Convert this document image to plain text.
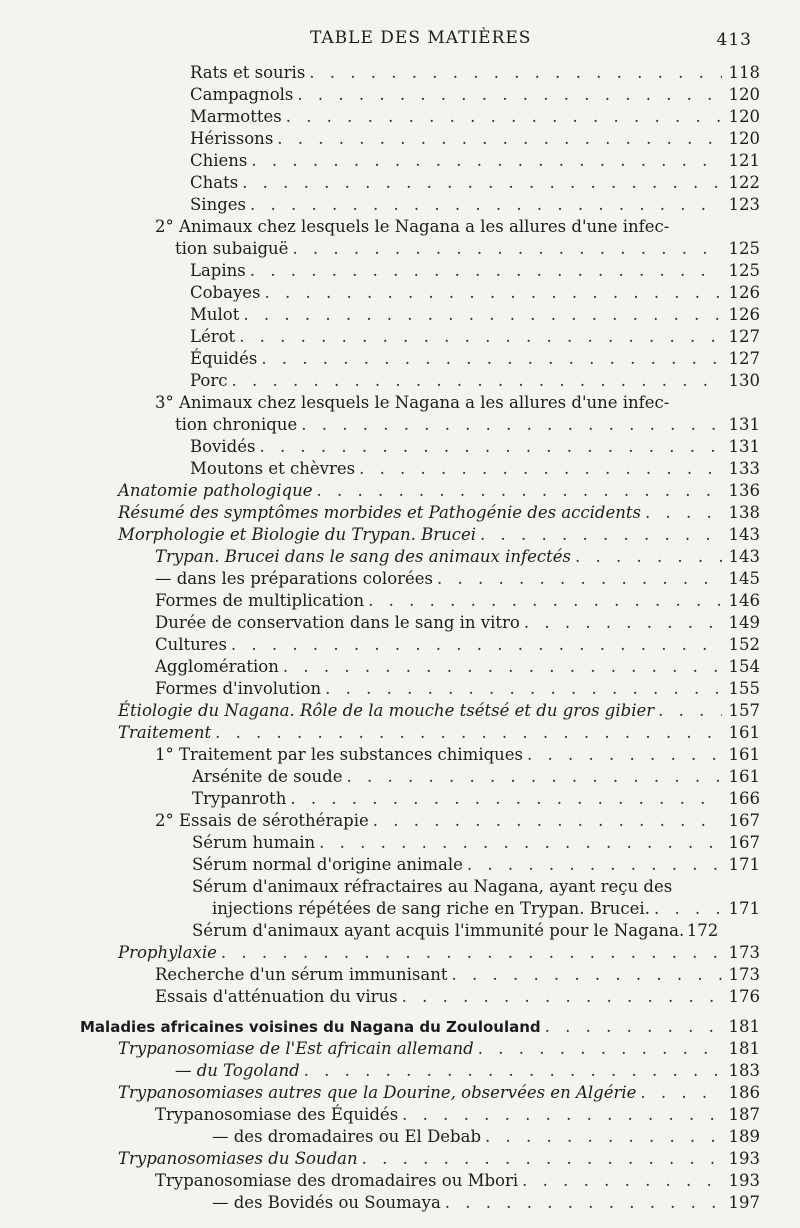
TABLE DES MATIÈRES	413
Rats et souris . . .	118
Campagnols . . .	120
Marmottes . . .	120
Hérissons . . .	120
Chiens . . .	121
Chats . . .	122
Singes . . .	123
2° Animaux chez lesquels le Nagana a les allures d'une infec-
tion subaiguë . . .	125
Lapins . . .	125
Cobayes . . .	126
Mulot . . .	126
Lérot . . .	127
Équidés . . .	127
Porc . . .	130
3° Animaux chez lesquels le Nagana a les allures d'une infec-
tion chronique . . .	131
Bovidés . . .	131
Moutons et chèvres . . .	133
Anatomie pathologique . . .	136
Résumé des symptômes morbides et Pathogénie des accidents . . .	138
Morphologie et Biologie du Trypan. Brucei . . .	143
Trypan. Brucei dans le sang des animaux infectés . . .	143
— dans les préparations colorées . . .	145
Formes de multiplication . . .	146
Durée de conservation dans le sang in vitro . . .	149
Cultures . . .	152
Agglomération . . .	154
Formes d'involution . . .	155
Étiologie du Nagana. Rôle de la mouche tsétsé et du gros gibier . . .	157
Traitement . . .	161
1° Traitement par les substances chimiques . . .	161
Arsénite de soude . . .	161
Trypanroth . . .	166
2° Essais de sérothérapie . . .	167
Sérum humain . . .	167
Sérum normal d'origine animale . . .	171
Sérum d'animaux réfractaires au Nagana, ayant reçu des
injections répétées de sang riche en Trypan. Brucei. . . .	171
Sérum d'animaux ayant acquis l'immunité pour le Nagana. 172
Prophylaxie . . .	173
Recherche d'un sérum immunisant . . .	173
Essais d'atténuation du virus . . .	176
Maladies africaines voisines du Nagana du Zoulouland . . .	181
Trypanosomiase de l'Est africain allemand . . .	181
— du Togoland . . .	183
Trypanosomiases autres que la Dourine, observées en Algérie . . .	186
Trypanosomiase des Équidés . . .	187
— des dromadaires ou El Debab . . .	189
Trypanosomiases du Soudan . . .	193
Trypanosomiase des dromadaires ou Mbori . . .	193
— des Bovidés ou Soumaya . . .	197
